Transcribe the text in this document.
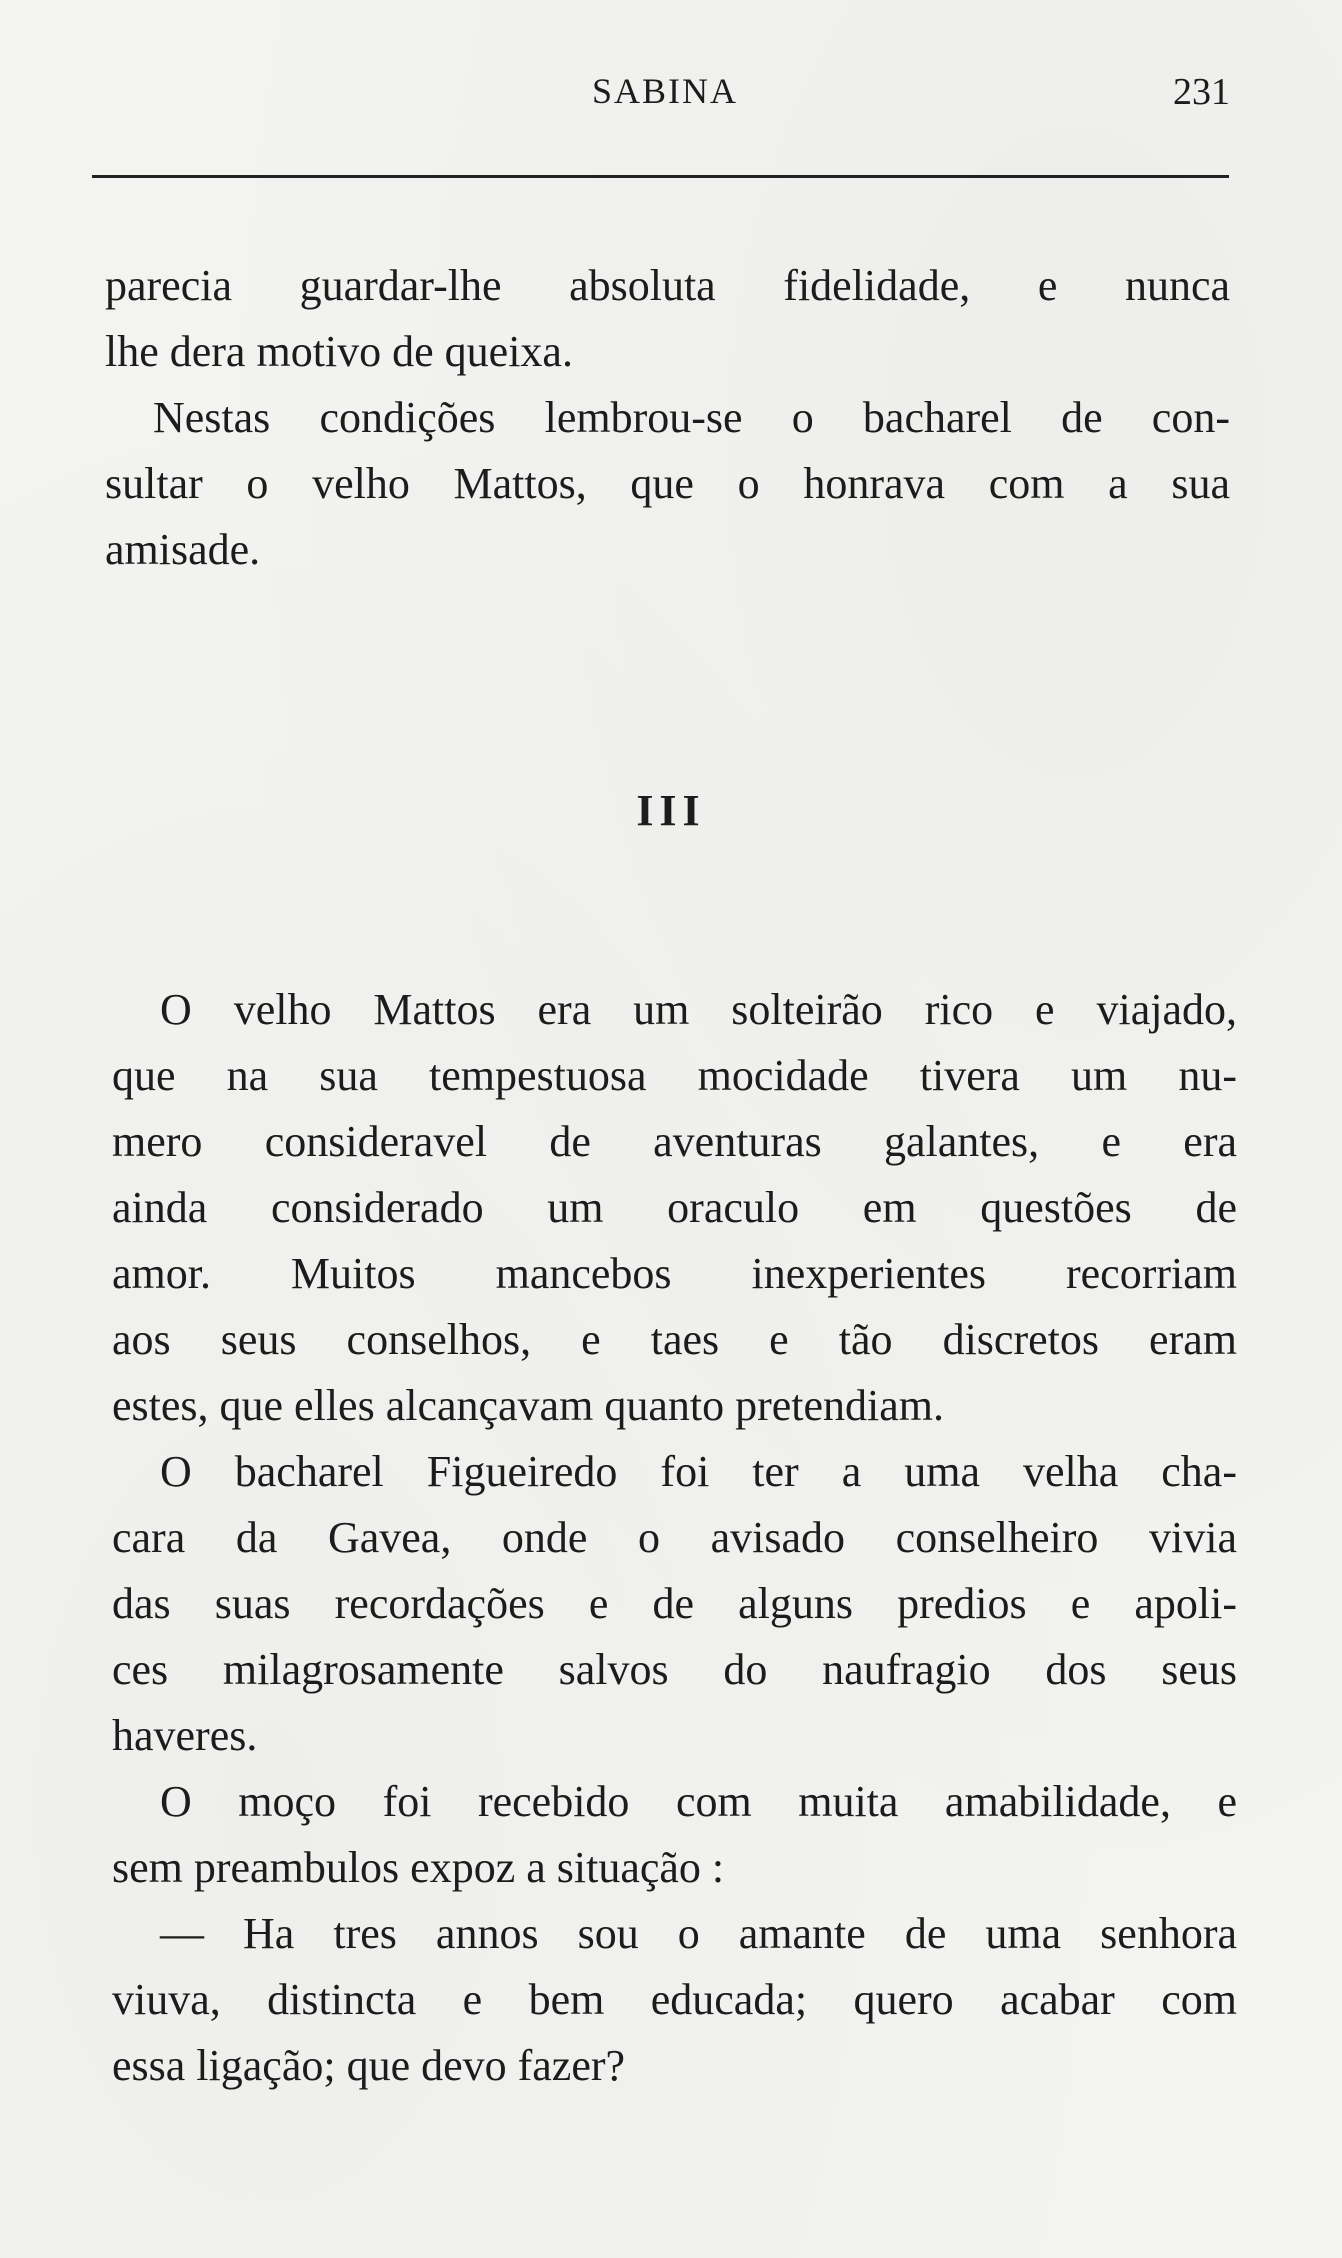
SABINA	231
parecia guardar-lhe absoluta fidelidade, e nunca
lhe dera motivo de queixa.
Nestas condições lembrou-se o bacharel de con-
sultar o velho Mattos, que o honrava com a sua
amisade.
III
O velho Mattos era um solteirão rico e viajado,
que na sua tempestuosa mocidade tivera um nu-
mero consideravel de aventuras galantes, e era
ainda considerado um oraculo em questões de
amor. Muitos mancebos inexperientes recorriam
aos seus conselhos, e taes e tão discretos eram
estes, que elles alcançavam quanto pretendiam.
O bacharel Figueiredo foi ter a uma velha cha-
cara da Gavea, onde o avisado conselheiro vivia
das suas recordações e de alguns predios e apoli-
ces milagrosamente salvos do naufragio dos seus
haveres.
O moço foi recebido com muita amabilidade, e
sem preambulos expoz a situação :
— Ha tres annos sou o amante de uma senhora
viuva, distincta e bem educada; quero acabar com
essa ligação; que devo fazer?
